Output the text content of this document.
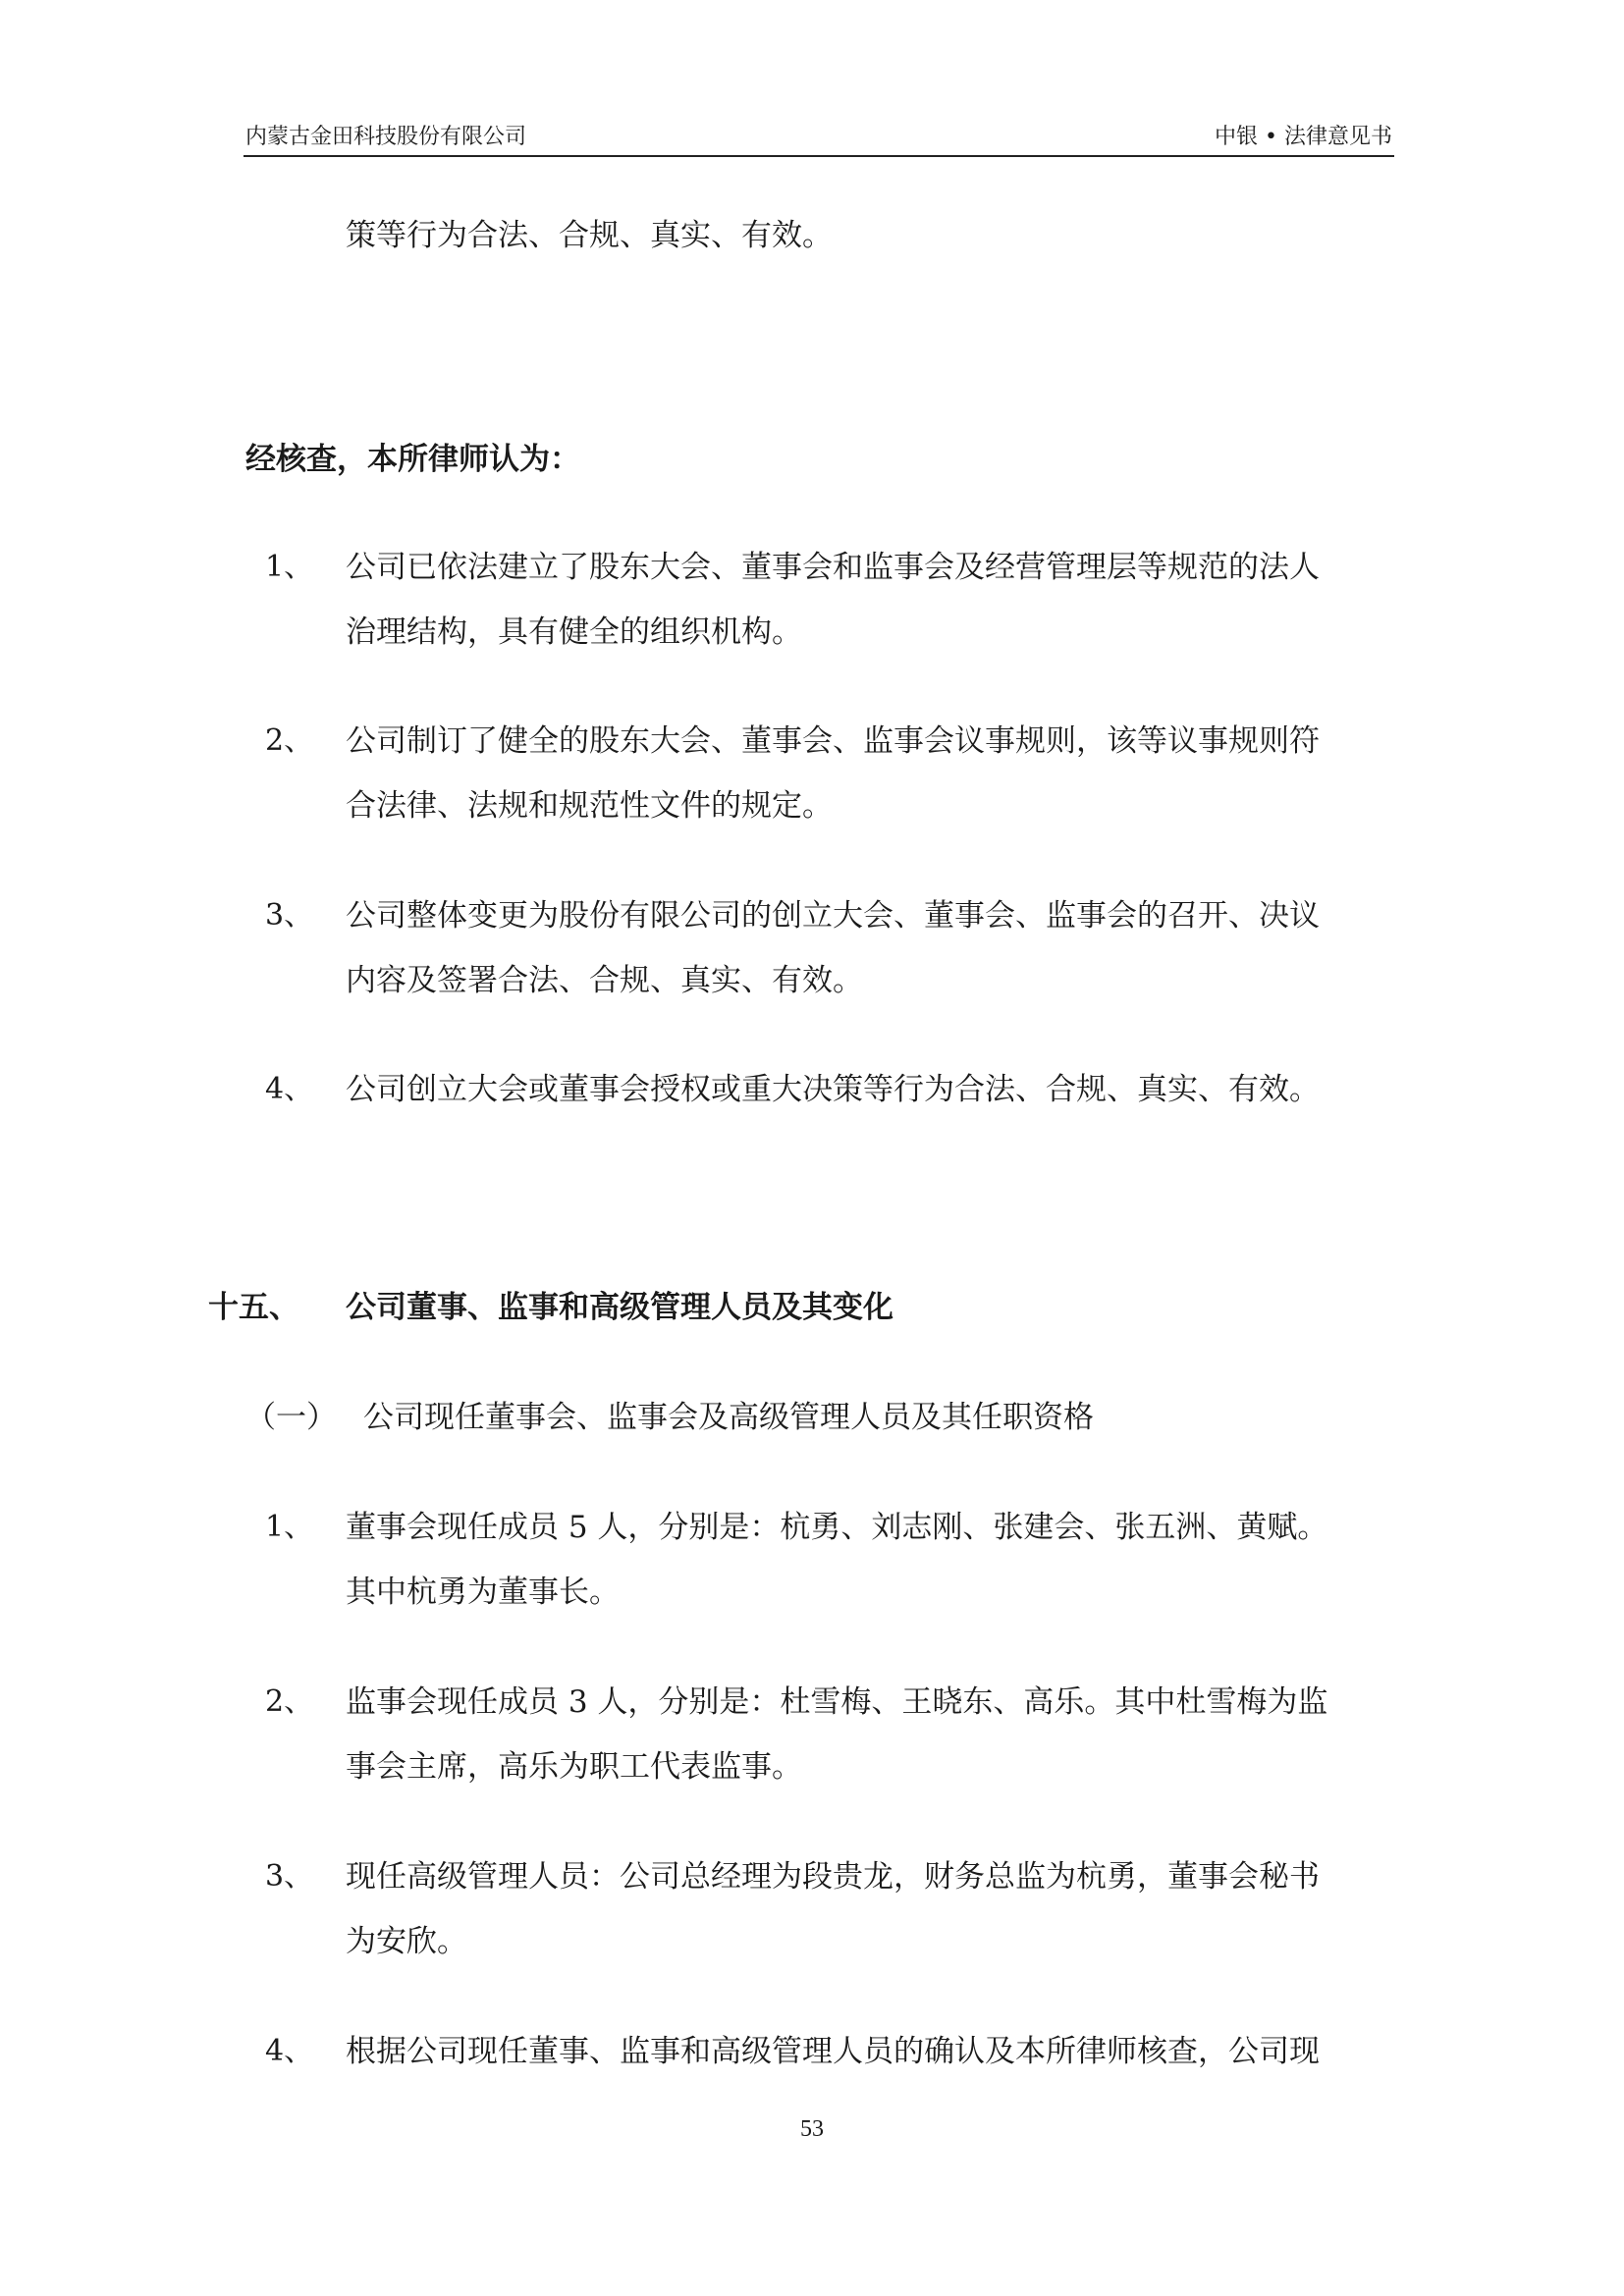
内蒙古金田科技股份有限公司	中银 • 法律意见书
策等行为合法、合规、真实、有效。
经核查，本所律师认为：
1、 公司已依法建立了股东大会、董事会和监事会及经营管理层等规范的法人
治理结构，具有健全的组织机构。
2、 公司制订了健全的股东大会、董事会、监事会议事规则，该等议事规则符
合法律、法规和规范性文件的规定。
3、 公司整体变更为股份有限公司的创立大会、董事会、监事会的召开、决议
内容及签署合法、合规、真实、有效。
4、 公司创立大会或董事会授权或重大决策等行为合法、合规、真实、有效。
十五、 公司董事、监事和高级管理人员及其变化
（一） 公司现任董事会、监事会及高级管理人员及其任职资格
1、 董事会现任成员 5 人，分别是：杭勇、刘志刚、张建会、张五洲、黄赋。
其中杭勇为董事长。
2、 监事会现任成员 3 人，分别是：杜雪梅、王晓东、高乐。其中杜雪梅为监
事会主席，高乐为职工代表监事。
3、 现任高级管理人员：公司总经理为段贵龙，财务总监为杭勇，董事会秘书
为安欣。
4、 根据公司现任董事、监事和高级管理人员的确认及本所律师核查，公司现
53
